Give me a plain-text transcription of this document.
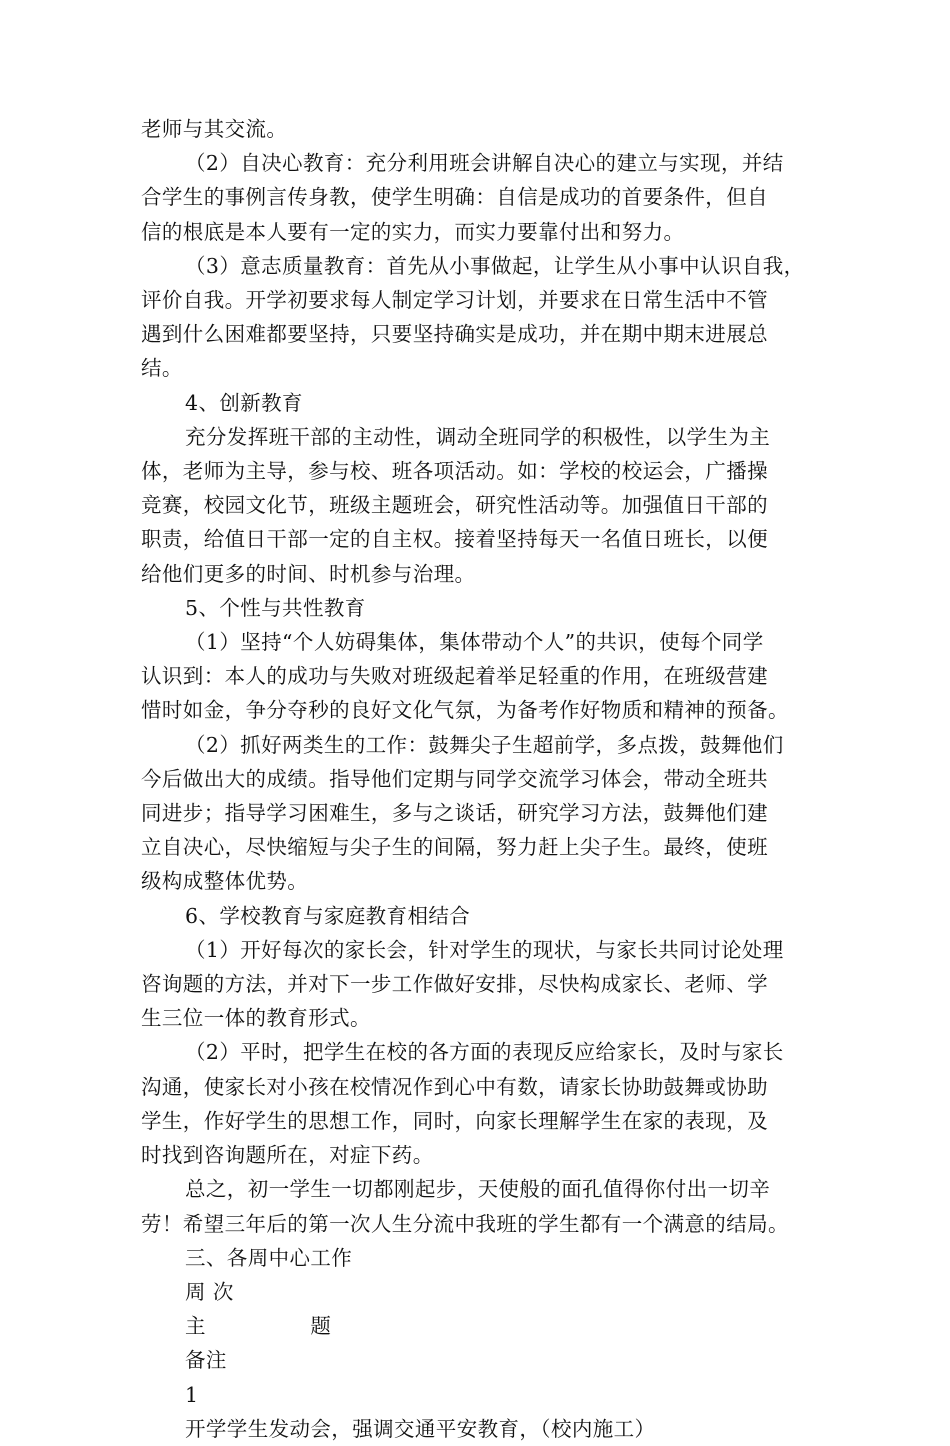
老师与其交流。
（2）自决心教育：充分利用班会讲解自决心的建立与实现，并结
合学生的事例言传身教，使学生明确：自信是成功的首要条件，但自
信的根底是本人要有一定的实力，而实力要靠付出和努力。
（3）意志质量教育：首先从小事做起，让学生从小事中认识自我，
评价自我。开学初要求每人制定学习计划，并要求在日常生活中不管
遇到什么困难都要坚持，只要坚持确实是成功，并在期中期末进展总
结。
4、创新教育
充分发挥班干部的主动性，调动全班同学的积极性，以学生为主
体，老师为主导，参与校、班各项活动。如：学校的校运会，广播操
竞赛，校园文化节，班级主题班会，研究性活动等。加强值日干部的
职责，给值日干部一定的自主权。接着坚持每天一名值日班长，以便
给他们更多的时间、时机参与治理。
5、个性与共性教育
（1）坚持“个人妨碍集体，集体带动个人”的共识，使每个同学
认识到：本人的成功与失败对班级起着举足轻重的作用，在班级营建
惜时如金，争分夺秒的良好文化气氛，为备考作好物质和精神的预备。
（2）抓好两类生的工作：鼓舞尖子生超前学，多点拨，鼓舞他们
今后做出大的成绩。指导他们定期与同学交流学习体会，带动全班共
同进步；指导学习困难生，多与之谈话，研究学习方法，鼓舞他们建
立自决心，尽快缩短与尖子生的间隔，努力赶上尖子生。最终，使班
级构成整体优势。
6、学校教育与家庭教育相结合
（1）开好每次的家长会，针对学生的现状，与家长共同讨论处理
咨询题的方法，并对下一步工作做好安排，尽快构成家长、老师、学
生三位一体的教育形式。
（2）平时，把学生在校的各方面的表现反应给家长，及时与家长
沟通，使家长对小孩在校情况作到心中有数，请家长协助鼓舞或协助
学生，作好学生的思想工作，同时，向家长理解学生在家的表现，及
时找到咨询题所在，对症下药。
总之，初一学生一切都刚起步，天使般的面孔值得你付出一切辛
劳！希望三年后的第一次人生分流中我班的学生都有一个满意的结局。
三、各周中心工作
周 次
主　　　　　题
备注
1
开学学生发动会，强调交通平安教育，（校内施工）
